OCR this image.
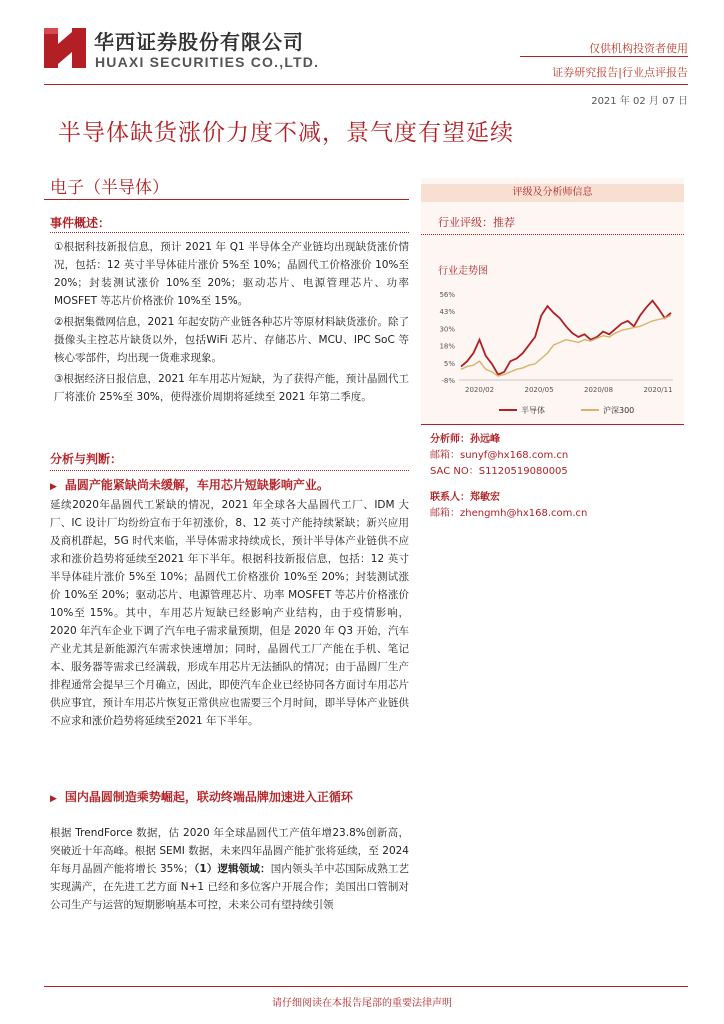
华西证券股份有限公司
HUAXI SECURITIES CO.,LTD.
仅供机构投资者使用
证券研究报告|行业点评报告
2021 年 02 月 07 日
半导体缺货涨价力度不减，景气度有望延续
电子（半导体）
事件概述：

①根据科技新报信息，预计 2021 年 Q1 半导体全产业链均出现缺货涨价情况，包括：12 英寸半导体硅片涨价 5%至 10%；晶圆代工价格涨价 10%至 20%；封装测试涨价 10%至 20%；驱动芯片、电源管理芯片、功率 MOSFET 等芯片价格涨价 10%至 15%。

②根据集微网信息，2021 年起安防产业链各种芯片等原材料缺货涨价。除了摄像头主控芯片缺货以外，包括WiFi 芯片、存储芯片、MCU、IPC SoC 等核心零部件，均出现一货难求现象。

③根据经济日报信息，2021 年车用芯片短缺，为了获得产能，预计晶圆代工厂将涨价 25%至 30%，使得涨价周期将延续至 2021 年第二季度。

分析与判断：
▶ 晶圆产能紧缺尚未缓解，车用芯片短缺影响产业。

延续2020年晶圆代工紧缺的情况，2021 年全球各大晶圆代工厂、IDM 大厂、IC 设计厂均纷纷宣布于年初涨价，8、12 英寸产能持续紧缺；新兴应用及商机群起，5G 时代来临，半导体需求持续成长，预计半导体产业链供不应求和涨价趋势将延续至2021 年下半年。根据科技新报信息，包括：12 英寸半导体硅片涨价 5%至 10%；晶圆代工价格涨价 10%至 20%；封装测试涨价 10%至 20%；驱动芯片、电源管理芯片、功率 MOSFET 等芯片价格涨价 10%至 15%。其中，车用芯片短缺已经影响产业结构，由于疫情影响，2020 年汽车企业下调了汽车电子需求量预期，但是 2020 年 Q3 开始，汽车产业尤其是新能源汽车需求快速增加；同时，晶圆代工厂产能在手机、笔记本、服务器等需求已经满载，形成车用芯片无法插队的情况；由于晶圆厂生产排程通常会提早三个月确立，因此，即使汽车企业已经协同各方面讨车用芯片供应事宜，预计车用芯片恢复正常供应也需要三个月时间，即半导体产业链供不应求和涨价趋势将延续至2021 年下半年。

▶ 国内晶圆制造乘势崛起，联动终端品牌加速进入正循环

根据 TrendForce 数据，估 2020 年全球晶圆代工产值年增23.8%创新高，突破近十年高峰。根据 SEMI 数据，未来四年晶圆产能扩张将延续，至 2024 年每月晶圆产能将增长 35%；（1）逻辑领域：国内领头羊中芯国际成熟工艺实现满产，在先进工艺方面 N+1 已经和多位客户开展合作；美国出口管制对公司生产与运营的短期影响基本可控，未来公司有望持续引领

评级及分析师信息
行业评级：推荐
行业走势图
56%
43%
30%
18%
5%
-8%
2020/02	2020/05	2020/08	2020/11
半导体	沪深300
分析师：孙远峰
邮箱：sunyf@hx168.com.cn
SAC NO：S1120519080005
联系人：郑敏宏
邮箱：zhengmh@hx168.com.cn
请仔细阅读在本报告尾部的重要法律声明
